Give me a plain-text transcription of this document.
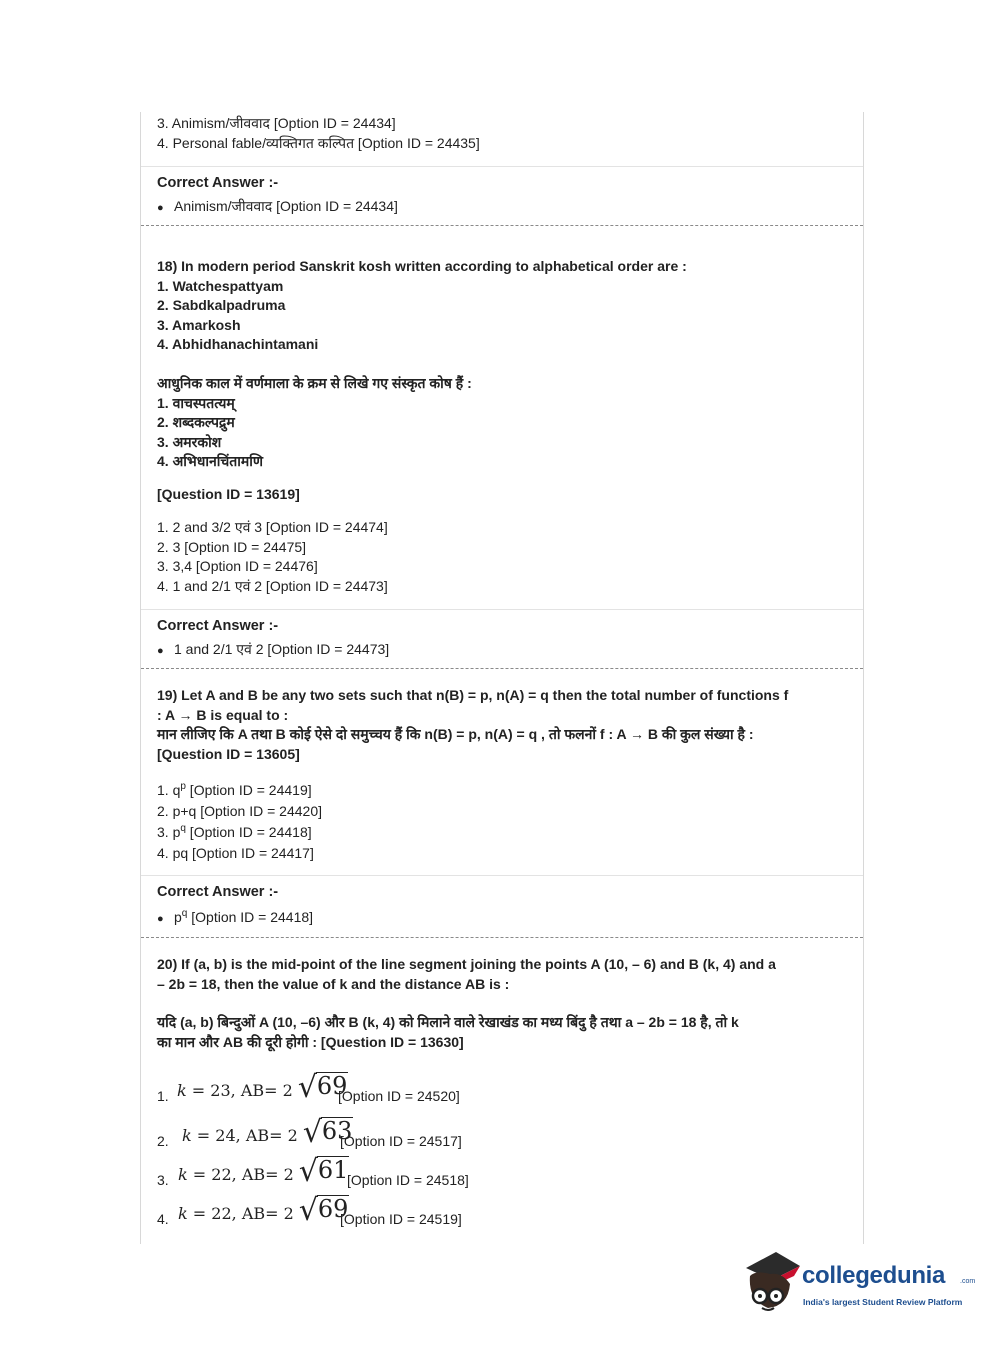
3. Animism/जीववाद [Option ID = 24434]
4. Personal fable/व्यक्तिगत कल्पित [Option ID = 24435]
Correct Answer :-
● Animism/जीववाद [Option ID = 24434]
18) In modern period Sanskrit kosh written according to alphabetical order are :
1. Watchespattyam
2. Sabdkalpadruma
3. Amarkosh
4. Abhidhanachintamani
आधुनिक काल में वर्णमाला के क्रम से लिखे गए संस्कृत कोष हैं :
1. वाचस्पतत्यम्
2. शब्दकल्पद्रुम
3. अमरकोश
4. अभिधानचिंतामणि
[Question ID = 13619]
1. 2 and 3/2 एवं 3 [Option ID = 24474]
2. 3 [Option ID = 24475]
3. 3,4 [Option ID = 24476]
4. 1 and 2/1 एवं 2 [Option ID = 24473]
Correct Answer :-
● 1 and 2/1 एवं 2 [Option ID = 24473]
19) Let A and B be any two sets such that n(B) = p, n(A) = q then the total number of functions f
: A → B is equal to :
मान लीजिए कि A तथा B कोई ऐसे दो समुच्चय हैं कि n(B) = p, n(A) = q , तो फलनों f : A → B की कुल संख्या है :
[Question ID = 13605]
1. $q^p$ [Option ID = 24419]
2. p+q [Option ID = 24420]
3. $p^q$ [Option ID = 24418]
4. pq [Option ID = 24417]
Correct Answer :-
● $p^q$ [Option ID = 24418]
20) If (a, b) is the mid-point of the line segment joining the points A (10, – 6) and B (k, 4) and a
– 2b = 18, then the value of k and the distance AB is :
यदि (a, b) बिन्दुओं A (10, –6) और B (k, 4) को मिलाने वाले रेखाखंड का मध्य बिंदु है तथा a – 2b = 18 है, तो k
का मान और AB की दूरी होगी : [Question ID = 13630]
1. k = 23, AB= 2 √ 69
[Option ID = 24520]
2. k = 24, AB= 2 √ 63
[Option ID = 24517]
3. k = 22, AB= 2 √ 61
[Option ID = 24518]
4. k = 22, AB= 2 √ 69
[Option ID = 24519]
collegedunia .com
India's largest Student Review Platform
